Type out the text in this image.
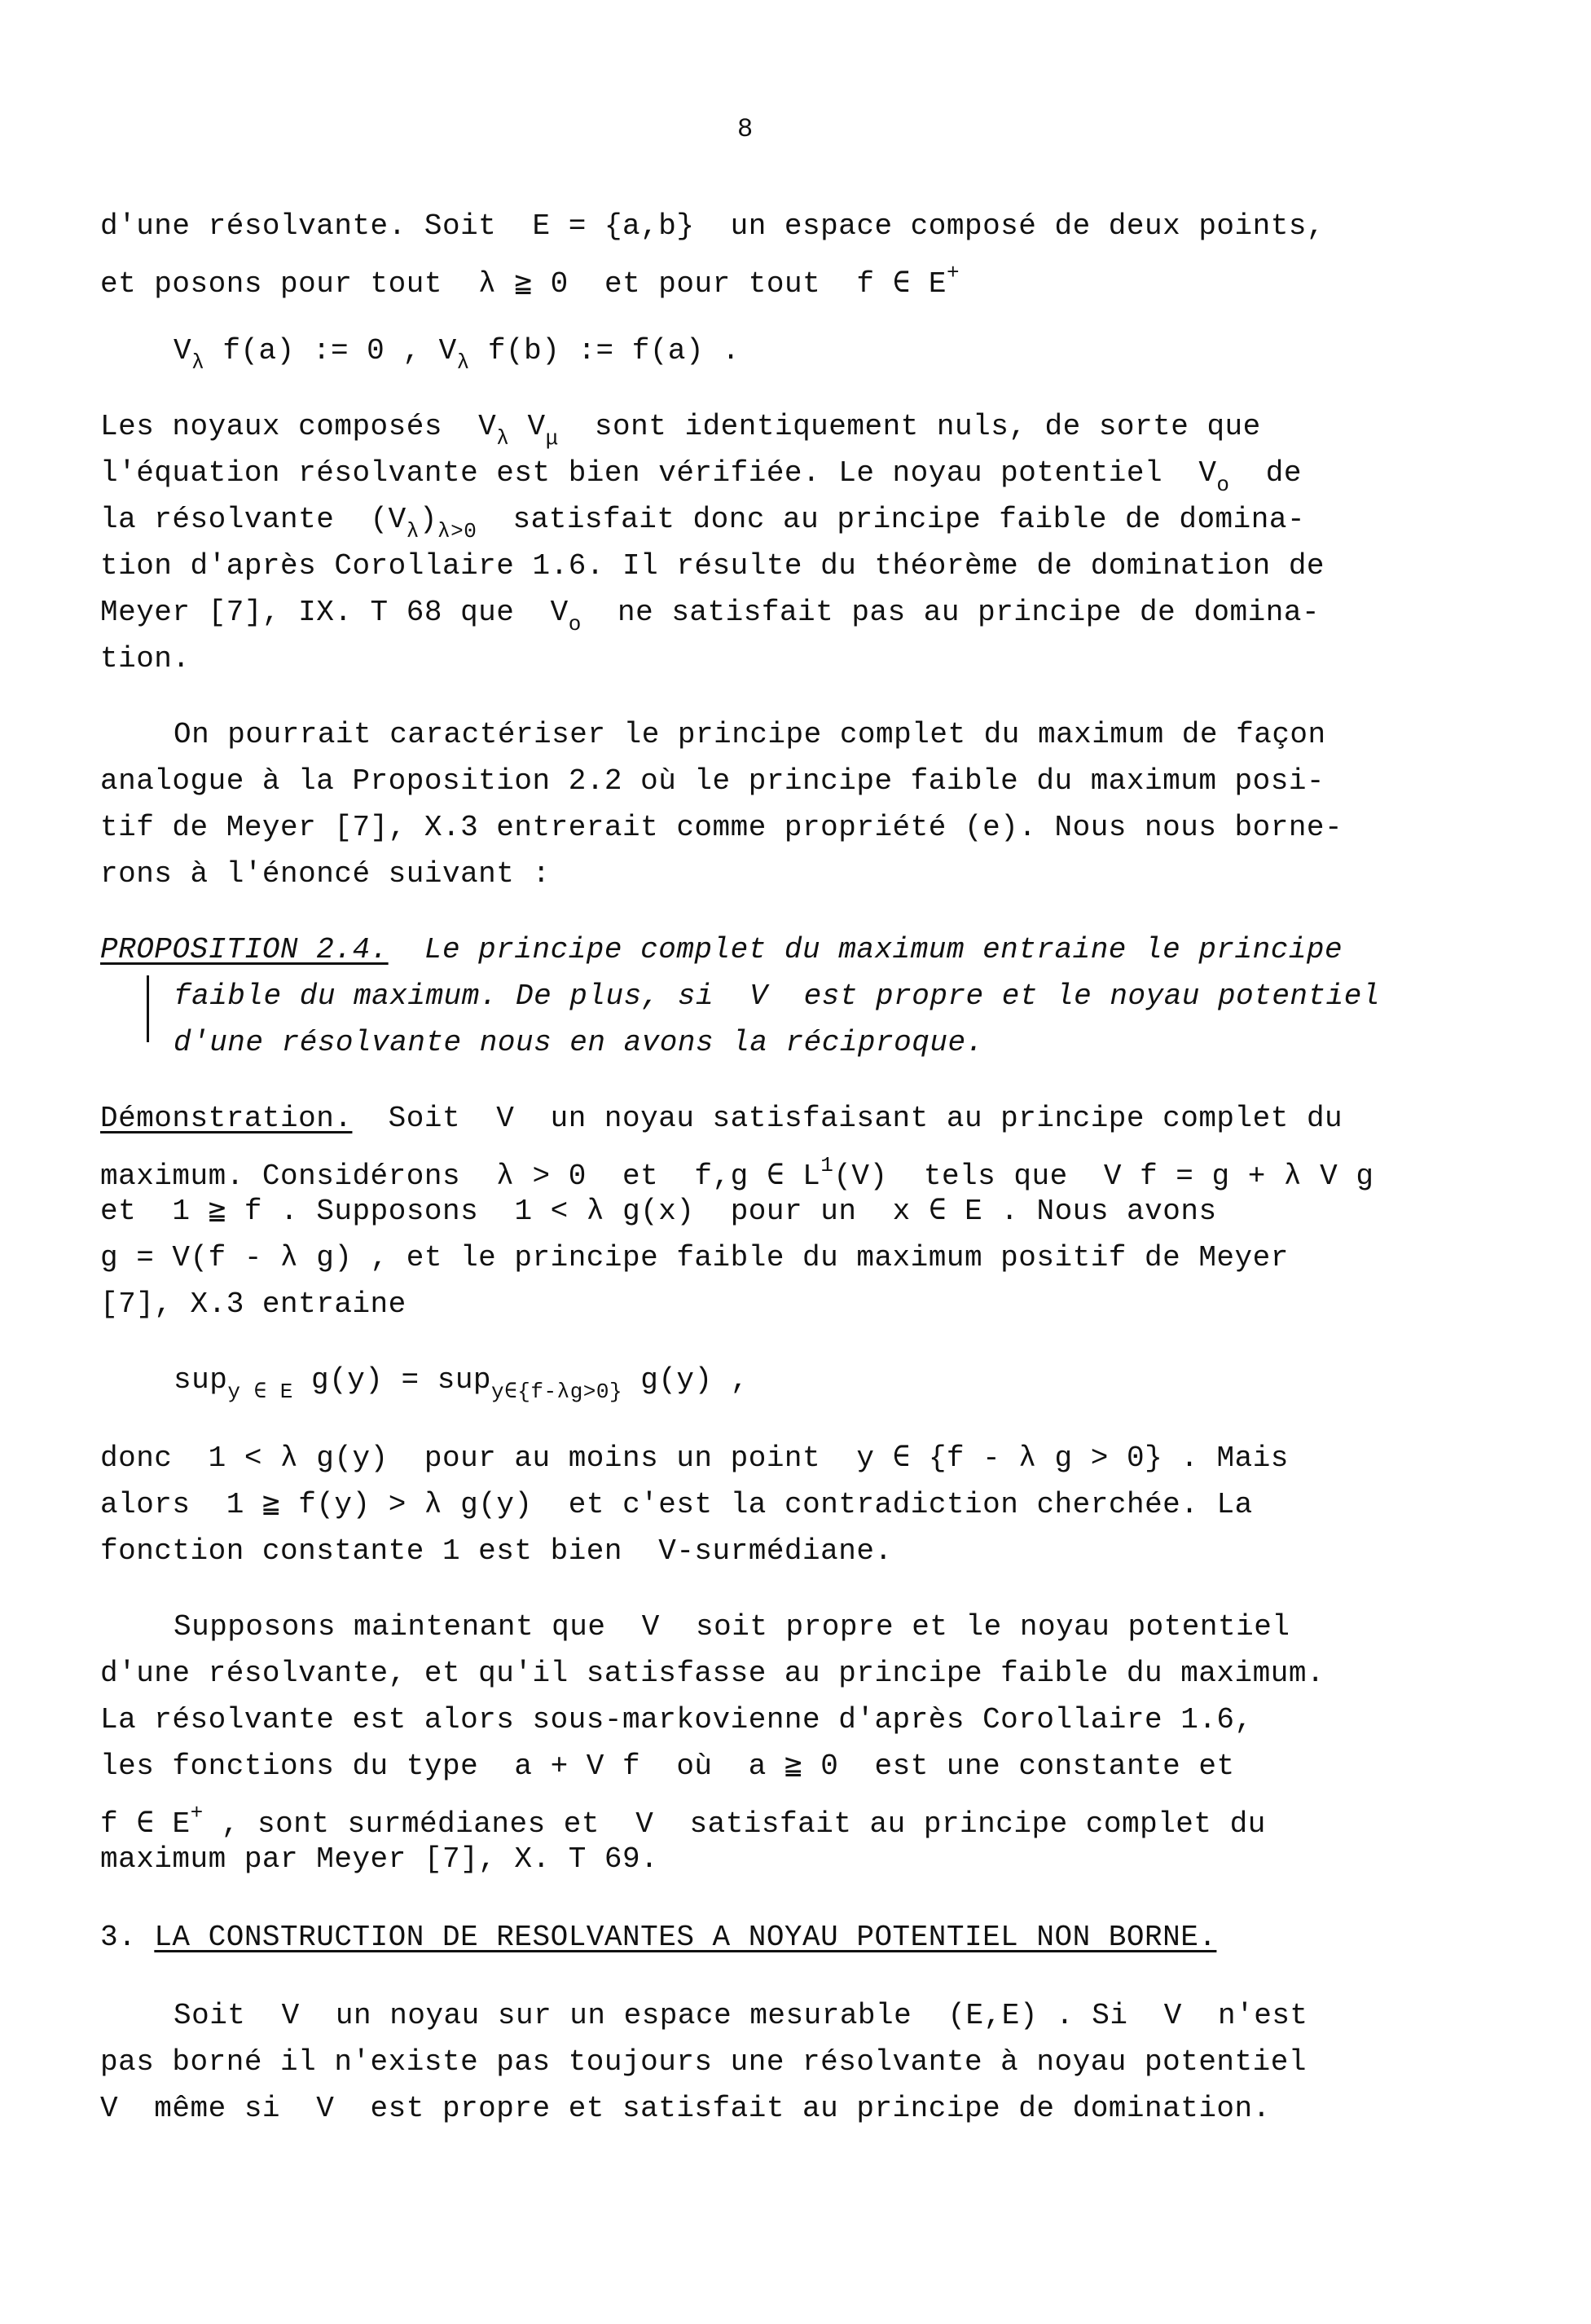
8
d'une résolvante. Soit  E = {a,b}  un espace composé de deux points,
et posons pour tout  λ ≧ 0  et pour tout  f ∈ E+
$V_\lambda$ f(a) := 0 , $V_\lambda$ f(b) := f(a) .
Les noyaux composés  $V_\lambda$ $V_\mu$  sont identiquement nuls, de sorte que
l'équation résolvante est bien vérifiée. Le noyau potentiel  $V_o$  de
la résolvante  $(V_\lambda)_{\lambda>0}$  satisfait donc au principe faible de domina-
tion d'après Corollaire 1.6. Il résulte du théorème de domination de
Meyer [7], IX. T 68 que  $V_o$  ne satisfait pas au principe de domina-
tion.
On pourrait caractériser le principe complet du maximum de façon
analogue à la Proposition 2.2 où le principe faible du maximum posi-
tif de Meyer [7], X.3 entrerait comme propriété (e). Nous nous borne-
rons à l'énoncé suivant :
PROPOSITION 2.4.  Le principe complet du maximum entraine le principe
faible du maximum. De plus, si  V  est propre et le noyau potentiel
d'une résolvante nous en avons la réciproque.
Démonstration.  Soit  V  un noyau satisfaisant au principe complet du
maximum. Considérons  λ > 0  et  f,g ∈ $L^1(V)$  tels que  V f = g + λ V g
et  1 ≧ f . Supposons  1 < λ g(x)  pour un  x ∈ E . Nous avons
g = V(f - λ g) , et le principe faible du maximum positif de Meyer
[7], X.3 entraine
sup$_{y \in E}$ g(y) = sup$_{y\in\{f-\lambda g>0\}}$ g(y) ,
donc  1 < λ g(y)  pour au moins un point  y ∈ {f - λ g > 0} . Mais
alors  1 ≧ f(y) > λ g(y)  et c'est la contradiction cherchée. La
fonction constante 1 est bien  V-surmédiane.
Supposons maintenant que  V  soit propre et le noyau potentiel
d'une résolvante, et qu'il satisfasse au principe faible du maximum.
La résolvante est alors sous-markovienne d'après Corollaire 1.6,
les fonctions du type  a + V f  où  a ≧ 0  est une constante et
f ∈ E+ , sont surmédianes et  V  satisfait au principe complet du
maximum par Meyer [7], X. T 69.
3. LA CONSTRUCTION DE RESOLVANTES A NOYAU POTENTIEL NON BORNE.
Soit  V  un noyau sur un espace mesurable  (E,E) . Si  V  n'est
pas borné il n'existe pas toujours une résolvante à noyau potentiel
V  même si  V  est propre et satisfait au principe de domination.
